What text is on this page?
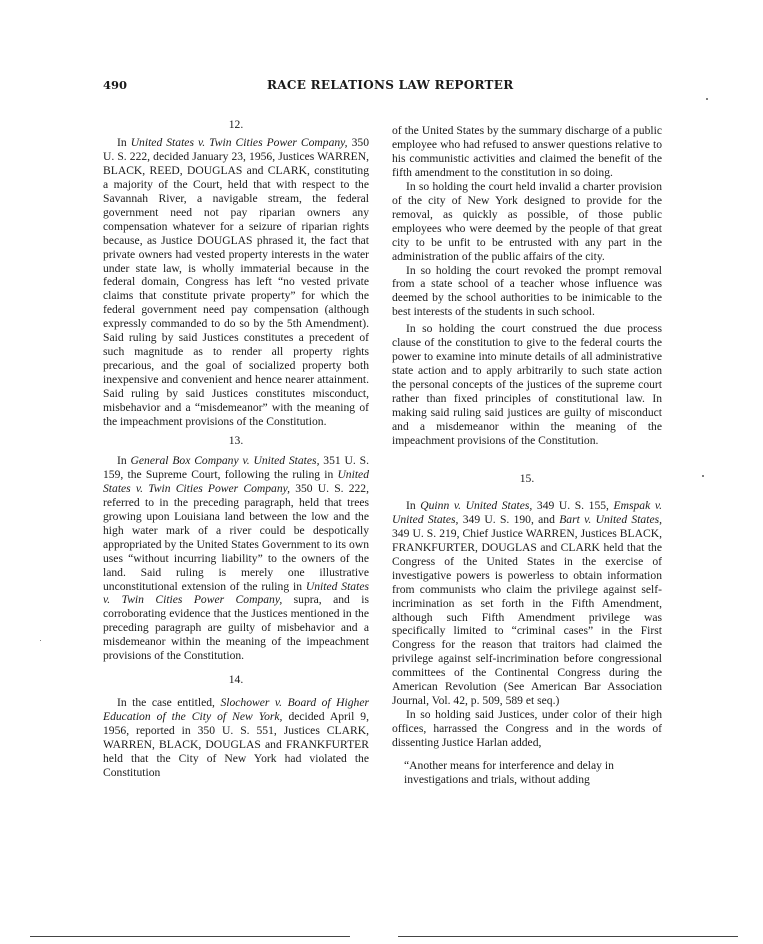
490	RACE RELATIONS LAW REPORTER

12.

In United States v. Twin Cities Power Company, 350 U. S. 222, decided January 23, 1956, Justices WARREN, BLACK, REED, DOUGLAS and CLARK, constituting a majority of the Court, held that with respect to the Savannah River, a navigable stream, the federal government need not pay riparian owners any compensation whatever for a seizure of riparian rights because, as Justice DOUGLAS phrased it, the fact that private owners had vested property interests in the water under state law, is wholly immaterial because in the federal domain, Congress has left “no vested private claims that constitute private property” for which the federal government need pay compensation (although expressly commanded to do so by the 5th Amendment). Said ruling by said Justices constitutes a precedent of such magnitude as to render all property rights precarious, and the goal of socialized property both inexpensive and convenient and hence nearer attainment. Said ruling by said Justices constitutes misconduct, misbehavior and a “misdemeanor” with the meaning of the impeachment provisions of the Constitution.

13.

In General Box Company v. United States, 351 U. S. 159, the Supreme Court, following the ruling in United States v. Twin Cities Power Company, 350 U. S. 222, referred to in the preceding paragraph, held that trees growing upon Louisiana land between the low and the high water mark of a river could be despotically appropriated by the United States Government to its own uses “without incurring liability” to the owners of the land. Said ruling is merely one illustrative unconstitutional extension of the ruling in United States v. Twin Cities Power Company, supra, and is corroborating evidence that the Justices mentioned in the preceding paragraph are guilty of misbehavior and a misdemeanor within the meaning of the impeachment provisions of the Constitution.

14.

In the case entitled, Slochower v. Board of Higher Education of the City of New York, decided April 9, 1956, reported in 350 U. S. 551, Justices CLARK, WARREN, BLACK, DOUGLAS and FRANKFURTER held that the City of New York had violated the Constitution

of the United States by the summary discharge of a public employee who had refused to answer questions relative to his communistic activities and claimed the benefit of the fifth amendment to the constitution in so doing.

In so holding the court held invalid a charter provision of the city of New York designed to provide for the removal, as quickly as possible, of those public employees who were deemed by the people of that great city to be unfit to be entrusted with any part in the administration of the public affairs of the city.

In so holding the court revoked the prompt removal from a state school of a teacher whose influence was deemed by the school authorities to be inimicable to the best interests of the students in such school.

In so holding the court construed the due process clause of the constitution to give to the federal courts the power to examine into minute details of all administrative state action and to apply arbitrarily to such state action the personal concepts of the justices of the supreme court rather than fixed principles of constitutional law. In making said ruling said justices are guilty of misconduct and a misdemeanor within the meaning of the impeachment provisions of the Constitution.

15.

In Quinn v. United States, 349 U. S. 155, Emspak v. United States, 349 U. S. 190, and Bart v. United States, 349 U. S. 219, Chief Justice WARREN, Justices BLACK, FRANKFURTER, DOUGLAS and CLARK held that the Congress of the United States in the exercise of investigative powers is powerless to obtain information from communists who claim the privilege against self-incrimination as set forth in the Fifth Amendment, although such Fifth Amendment privilege was specifically limited to “criminal cases” in the First Congress for the reason that traitors had claimed the privilege against self-incrimination before congressional committees of the Continental Congress during the American Revolution (See American Bar Association Journal, Vol. 42, p. 509, 589 et seq.)

In so holding said Justices, under color of their high offices, harrassed the Congress and in the words of dissenting Justice Harlan added,

“Another means for interference and delay in investigations and trials, without adding
